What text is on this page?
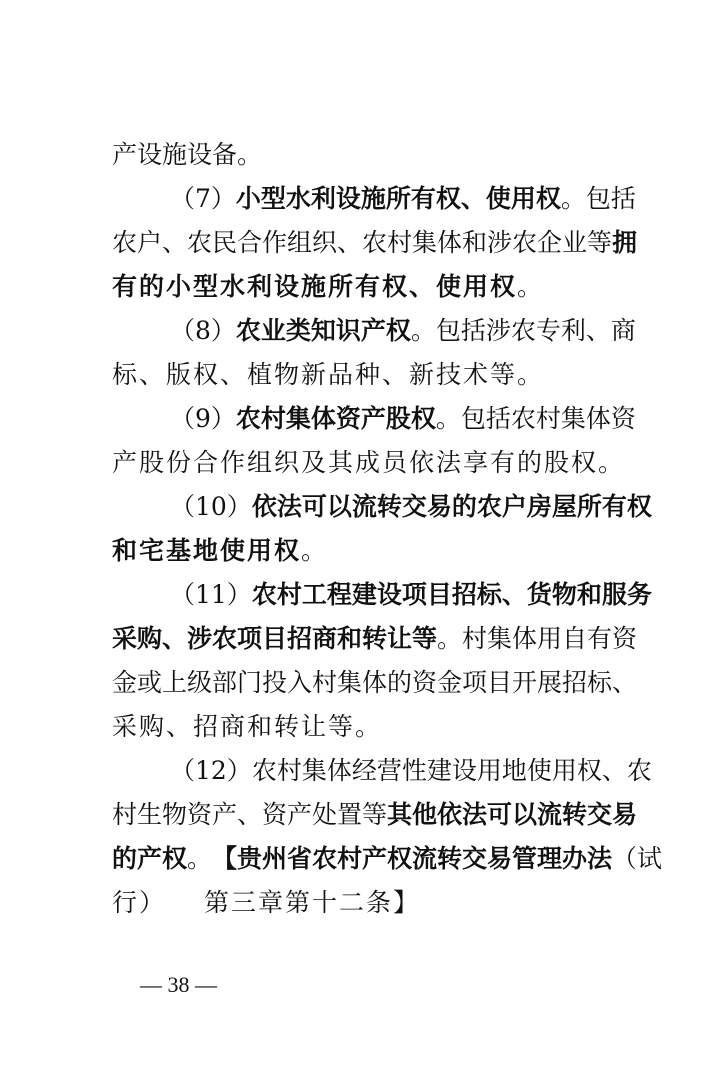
产设施设备。
（7） 小型水利设施所有权、使用权 。包括
农户、农民合作组织、农村集体和涉农企业等 拥
有的小型水利设施所有权、使用权 。
（8） 农业类知识产权 。包括涉农专利、商
标、版权、植物新品种、新技术等。
（9） 农村集体资产股权 。包括农村集体资
产股份合作组织及其成员依法享有的股权。
（10） 依法可以流转交易的农户房屋所有权
和宅基地使用权 。
（11） 农村工程建设项目招标、货物和服务
采购、涉农项目招商和转让等 。村集体用自有资
金或上级部门投入村集体的资金项目开展招标、
采购、招商和转让等。
（12） 农村集体经营性建设用地使用权、农
村生物资产、资产处置等 其他依法可以流转交易
的产权 。 【贵州省农村产权流转交易管理办法 （试
行） 第三章第十二条】
— 38 —
